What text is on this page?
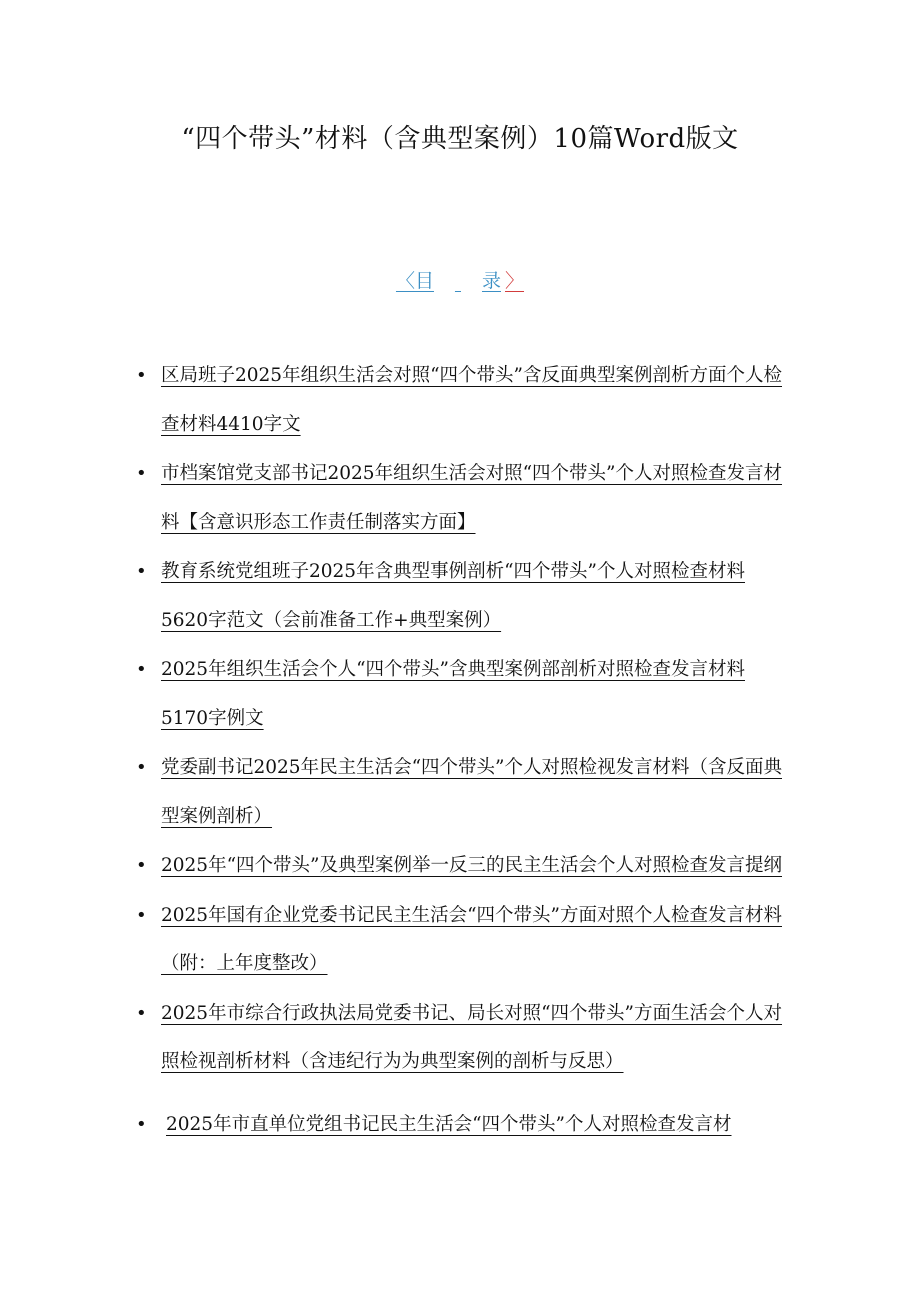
“四个带头”材料（含典型案例）10篇Word版文
〈目	录 〉
• 区局班子2025年组织生活会对照“四个带头”含反面典型案例剖析方面个人检查材料4410字文
• 市档案馆党支部书记2025年组织生活会对照“四个带头”个人对照检查发言材料【含意识形态工作责任制落实方面】
• 教育系统党组班子2025年含典型事例剖析“四个带头”个人对照检查材料5620字范文（会前准备工作+典型案例）
• 2025年组织生活会个人“四个带头”含典型案例部剖析对照检查发言材料5170字例文
• 党委副书记2025年民主生活会“四个带头”个人对照检视发言材料（含反面典型案例剖析）
• 2025年“四个带头”及典型案例举一反三的民主生活会个人对照检查发言提纲
• 2025年国有企业党委书记民主生活会“四个带头”方面对照个人检查发言材料（附：上年度整改）
• 2025年市综合行政执法局党委书记、局长对照“四个带头”方面生活会个人对照检视剖析材料（含违纪行为为典型案例的剖析与反思）
• 2025年市直单位党组书记民主生活会“四个带头”个人对照检查发言材
